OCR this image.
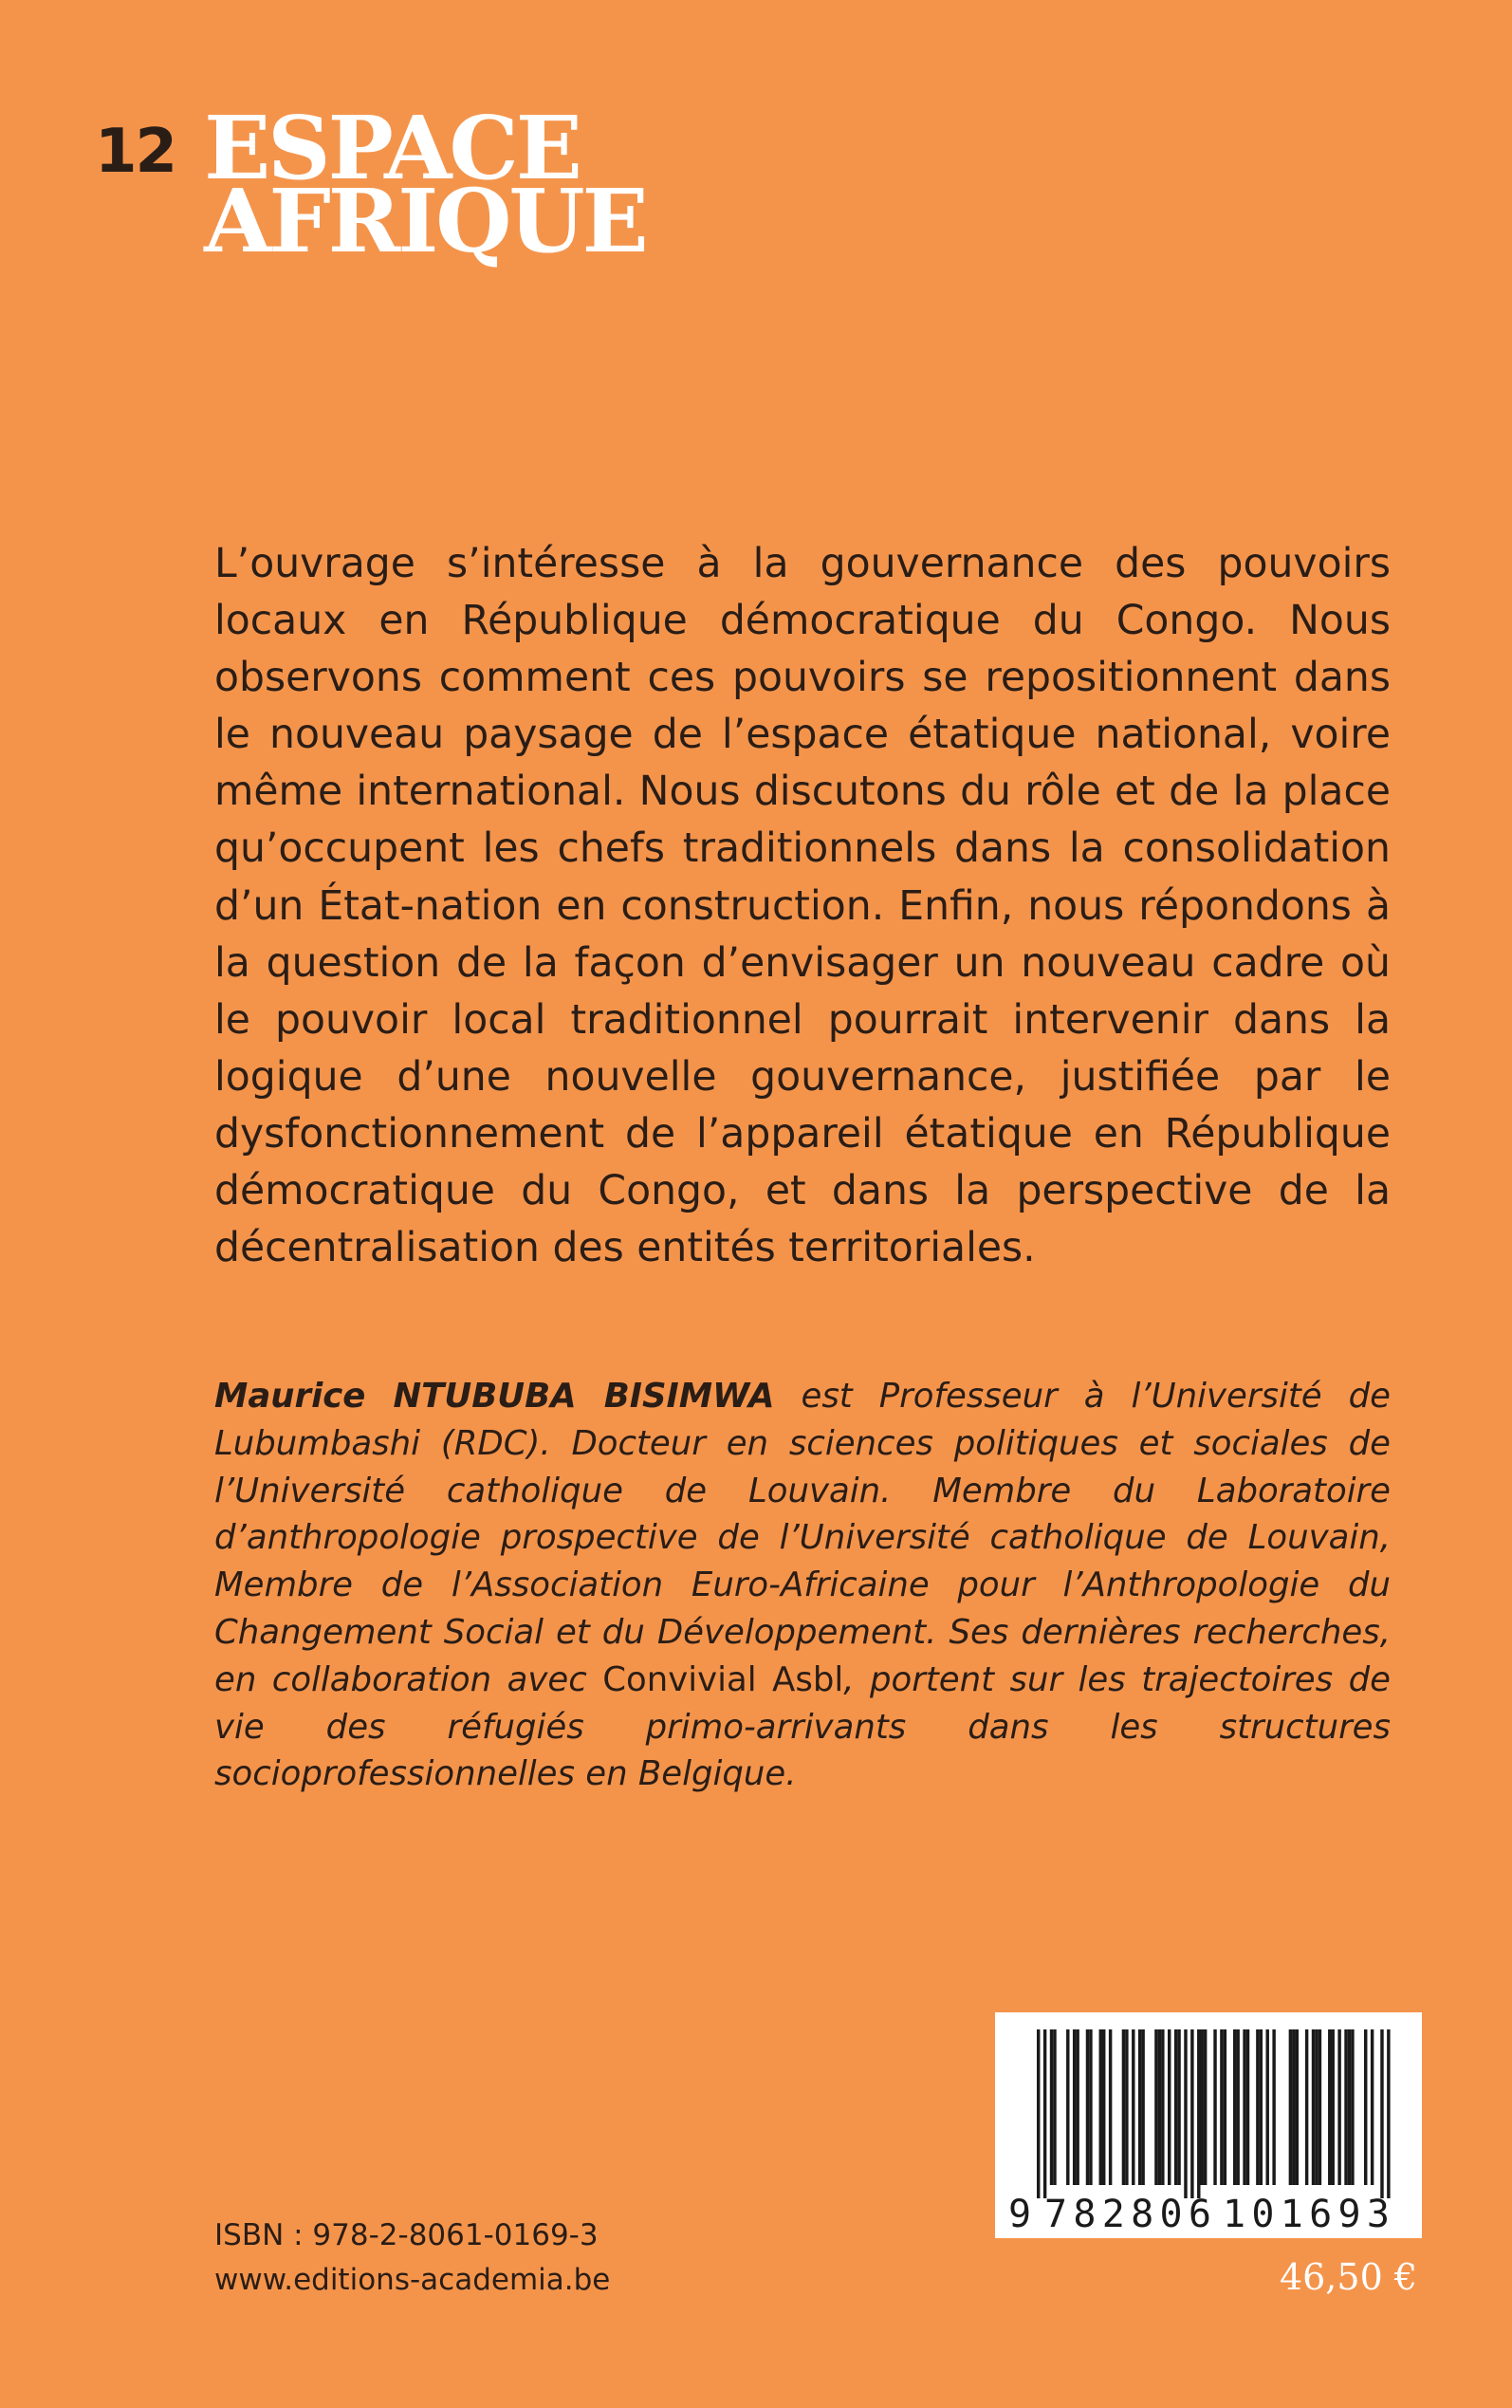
12 ESPACE
AFRIQUE

L’ouvrage s’intéresse à la gouvernance des pouvoirs locaux en République démocratique du Congo. Nous observons comment ces pouvoirs se repositionnent dans le nouveau paysage de l’espace étatique national, voire même international. Nous discutons du rôle et de la place qu’occupent les chefs traditionnels dans la consolidation d’un État-nation en construction. Enfin, nous répondons à la question de la façon d’envisager un nouveau cadre où le pouvoir local traditionnel pourrait intervenir dans la logique d’une nouvelle gouvernance, justifiée par le dysfonctionnement de l’appareil étatique en République démocratique du Congo, et dans la perspective de la décentralisation des entités territoriales.

Maurice NTUBUBA BISIMWA est Professeur à l’Université de Lubumbashi (RDC). Docteur en sciences politiques et sociales de l’Université catholique de Louvain. Membre du Laboratoire d’anthropologie prospective de l’Université catholique de Louvain, Membre de l’Association Euro-Africaine pour l’Anthropologie du Changement Social et du Développement. Ses dernières recherches, en collaboration avec Convivial Asbl, portent sur les trajectoires de vie des réfugiés primo-arrivants dans les structures socioprofessionnelles en Belgique.

9 782806 101693
46,50 €
ISBN : 978-2-8061-0169-3
www.editions-academia.be
